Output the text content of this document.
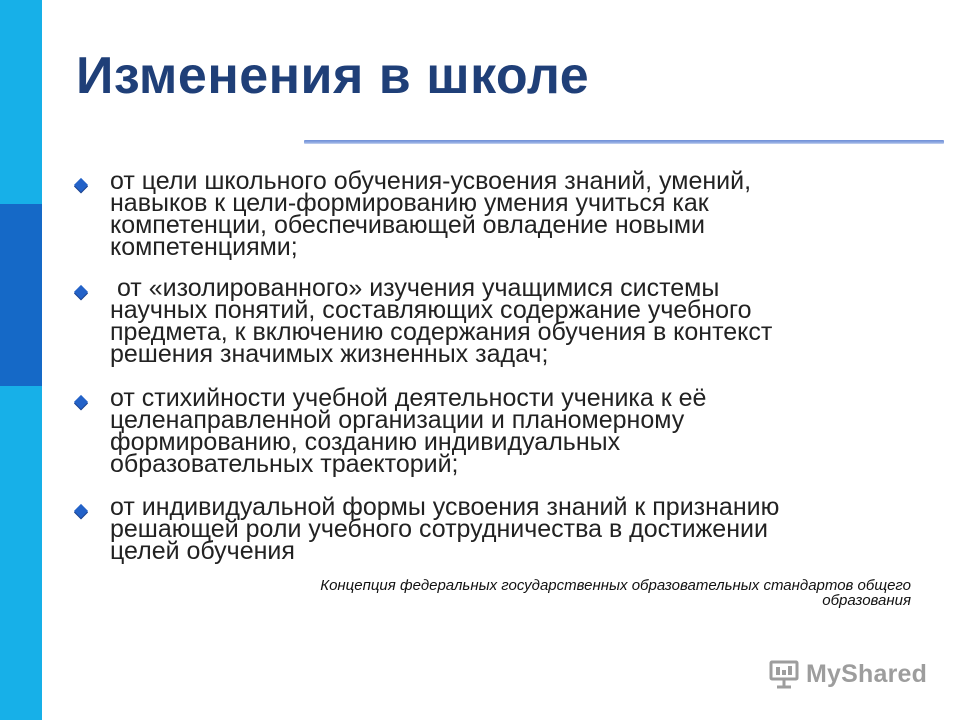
Изменения в школе
от цели школьного обучения-усвоения знаний, умений,
навыков к цели-формированию умения учиться как
компетенции, обеспечивающей овладение новыми
компетенциями;
от «изолированного» изучения учащимися системы
научных понятий, составляющих содержание учебного
предмета, к включению содержания обучения в контекст
решения значимых жизненных задач;
от стихийности учебной деятельности ученика к её
целенаправленной организации и планомерному
формированию, созданию индивидуальных
образовательных траекторий;
от индивидуальной формы усвоения знаний к признанию
решающей роли учебного сотрудничества в достижении
целей обучения
Концепция федеральных государственных образовательных стандартов общего
образования
MyShared
